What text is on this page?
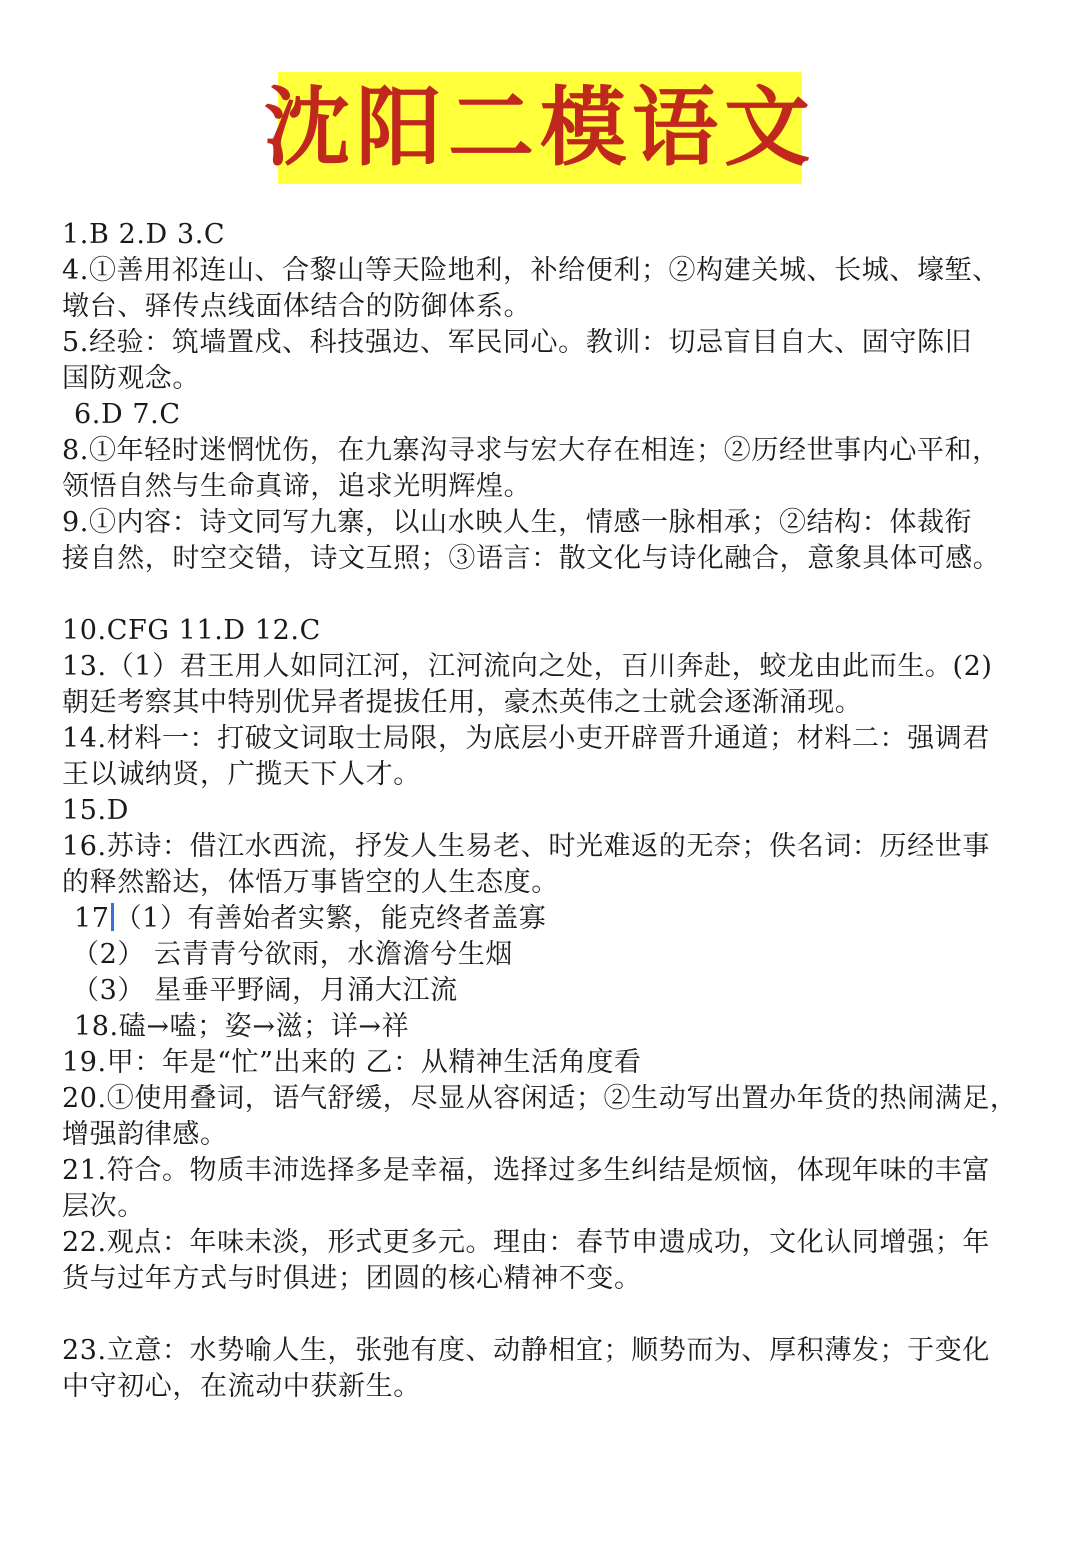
沈阳二模语文
1.B 2.D 3.C
4.①善用祁连山、合黎山等天险地利，补给便利；②构建关城、长城、壕堑、
墩台、驿传点线面体结合的防御体系。
5.经验：筑墙置戍、科技强边、军民同心。教训：切忌盲目自大、固守陈旧
国防观念。
6.D 7.C
8.①年轻时迷惘忧伤，在九寨沟寻求与宏大存在相连；②历经世事内心平和，
领悟自然与生命真谛，追求光明辉煌。
9.①内容：诗文同写九寨，以山水映人生，情感一脉相承；②结构：体裁衔
接自然，时空交错，诗文互照；③语言：散文化与诗化融合，意象具体可感。
10.CFG 11.D 12.C
13.（1）君王用人如同江河，江河流向之处，百川奔赴，蛟龙由此而生。(2)
朝廷考察其中特别优异者提拔任用，豪杰英伟之士就会逐渐涌现。
14.材料一：打破文词取士局限，为底层小吏开辟晋升通道；材料二：强调君
王以诚纳贤，广揽天下人才。
15.D
16.苏诗：借江水西流，抒发人生易老、时光难返的无奈；佚名词：历经世事
的释然豁达，体悟万事皆空的人生态度。
17 （1）有善始者实繁，能克终者盖寡
（2） 云青青兮欲雨，水澹澹兮生烟
（3） 星垂平野阔，月涌大江流
18.磕→嗑；姿→滋；详→祥
19.甲：年是“忙”出来的 乙：从精神生活角度看
20.①使用叠词，语气舒缓，尽显从容闲适；②生动写出置办年货的热闹满足，
增强韵律感。
21.符合。物质丰沛选择多是幸福，选择过多生纠结是烦恼，体现年味的丰富
层次。
22.观点：年味未淡，形式更多元。理由：春节申遗成功，文化认同增强；年
货与过年方式与时俱进；团圆的核心精神不变。
23.立意：水势喻人生，张弛有度、动静相宜；顺势而为、厚积薄发；于变化
中守初心，在流动中获新生。
